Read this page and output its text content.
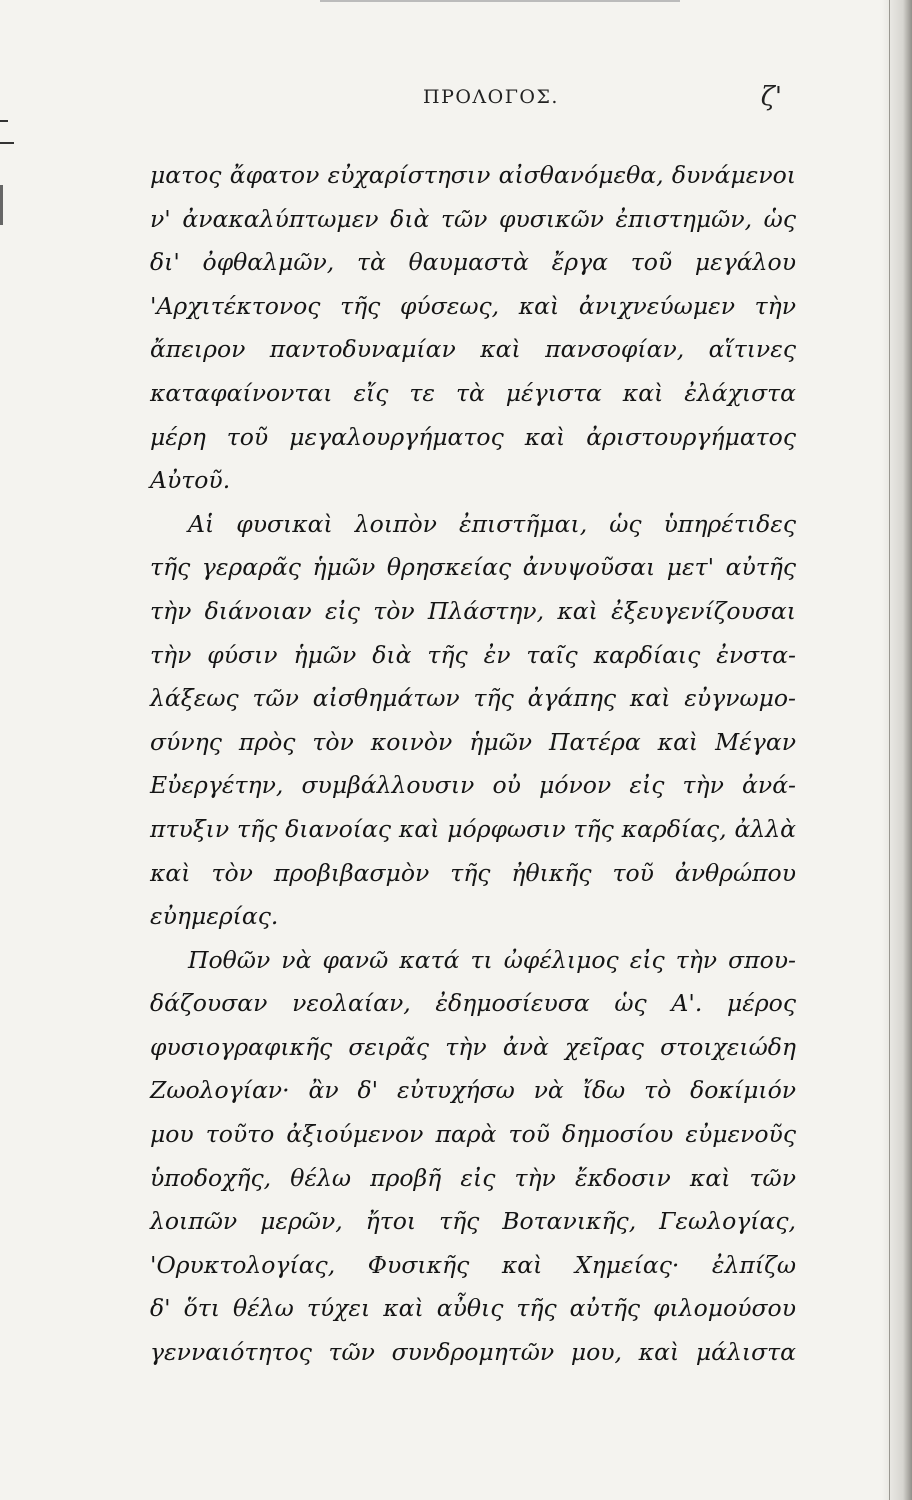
ΠΡΟΛΟΓΟΣ.	ζ'
ματος ἄφατον εὐχαρίστησιν αἰσθανόμεθα, δυνάμενοι
ν' ἀνακαλύπτωμεν διὰ τῶν φυσικῶν ἐπιστημῶν, ὡς
δι' ὀφθαλμῶν, τὰ θαυμαστὰ ἔργα τοῦ μεγάλου
'Αρχιτέκτονος τῆς φύσεως, καὶ ἀνιχνεύωμεν τὴν
ἄπειρον παντοδυναμίαν καὶ πανσοφίαν, αἵτινες
καταφαίνονται εἴς τε τὰ μέγιστα καὶ ἐλάχιστα
μέρη τοῦ μεγαλουργήματος καὶ ἀριστουργήματος
Αὐτοῦ.
Αἱ φυσικαὶ λοιπὸν ἐπιστῆμαι, ὡς ὑπηρέτιδες
τῆς γεραρᾶς ἡμῶν θρησκείας ἀνυψοῦσαι μετ' αὐτῆς
τὴν διάνοιαν εἰς τὸν Πλάστην, καὶ ἐξευγενίζουσαι
τὴν φύσιν ἡμῶν διὰ τῆς ἐν ταῖς καρδίαις ἐνστα-
λάξεως τῶν αἰσθημάτων τῆς ἀγάπης καὶ εὐγνωμο-
σύνης πρὸς τὸν κοινὸν ἡμῶν Πατέρα καὶ Μέγαν
Εὐεργέτην, συμβάλλουσιν οὐ μόνον εἰς τὴν ἀνά-
πτυξιν τῆς διανοίας καὶ μόρφωσιν τῆς καρδίας, ἀλλὰ
καὶ τὸν προβιβασμὸν τῆς ἠθικῆς τοῦ ἀνθρώπου
εὐημερίας.
Ποθῶν νὰ φανῶ κατά τι ὠφέλιμος εἰς τὴν σπου-
δάζουσαν νεολαίαν, ἐδημοσίευσα ὡς Α'. μέρος
φυσιογραφικῆς σειρᾶς τὴν ἀνὰ χεῖρας στοιχειώδη
Ζωολογίαν· ἂν δ' εὐτυχήσω νὰ ἴδω τὸ δοκίμιόν
μου τοῦτο ἀξιούμενον παρὰ τοῦ δημοσίου εὐμενοῦς
ὑποδοχῆς, θέλω προβῆ εἰς τὴν ἔκδοσιν καὶ τῶν
λοιπῶν μερῶν, ἤτοι τῆς Βοτανικῆς, Γεωλογίας,
'Ορυκτολογίας, Φυσικῆς καὶ Χημείας· ἐλπίζω
δ' ὅτι θέλω τύχει καὶ αὖθις τῆς αὐτῆς φιλομούσου
γενναιότητος τῶν συνδρομητῶν μου, καὶ μάλιστα
